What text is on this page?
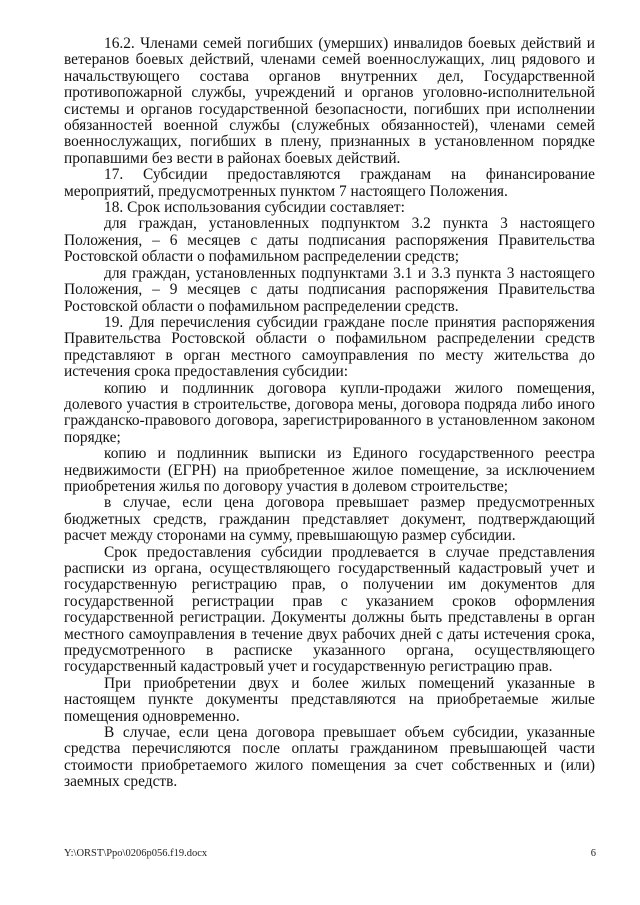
16.2. Членами семей погибших (умерших) инвалидов боевых действий и ветеранов боевых действий, членами семей военнослужащих, лиц рядового и начальствующего состава органов внутренних дел, Государственной противопожарной службы, учреждений и органов уголовно-исполнительной системы и органов государственной безопасности, погибших при исполнении обязанностей военной службы (служебных обязанностей), членами семей военнослужащих, погибших в плену, признанных в установленном порядке пропавшими без вести в районах боевых действий.

17. Субсидии предоставляются гражданам на финансирование мероприятий, предусмотренных пунктом 7 настоящего Положения.

18. Срок использования субсидии составляет:

для граждан, установленных подпунктом 3.2 пункта 3 настоящего Положения, – 6 месяцев с даты подписания распоряжения Правительства Ростовской области о пофамильном распределении средств;

для граждан, установленных подпунктами 3.1 и 3.3 пункта 3 настоящего Положения, – 9 месяцев с даты подписания распоряжения Правительства Ростовской области о пофамильном распределении средств.

19. Для перечисления субсидии граждане после принятия распоряжения Правительства Ростовской области о пофамильном распределении средств представляют в орган местного самоуправления по месту жительства до истечения срока предоставления субсидии:

копию и подлинник договора купли-продажи жилого помещения, долевого участия в строительстве, договора мены, договора подряда либо иного гражданско-правового договора, зарегистрированного в установленном законом порядке;

копию и подлинник выписки из Единого государственного реестра недвижимости (ЕГРН) на приобретенное жилое помещение, за исключением приобретения жилья по договору участия в долевом строительстве;

в случае, если цена договора превышает размер предусмотренных бюджетных средств, гражданин представляет документ, подтверждающий расчет между сторонами на сумму, превышающую размер субсидии.

Срок предоставления субсидии продлевается в случае представления расписки из органа, осуществляющего государственный кадастровый учет и государственную регистрацию прав, о получении им документов для государственной регистрации прав с указанием сроков оформления государственной регистрации. Документы должны быть представлены в орган местного самоуправления в течение двух рабочих дней с даты истечения срока, предусмотренного в расписке указанного органа, осуществляющего государственный кадастровый учет и государственную регистрацию прав.

При приобретении двух и более жилых помещений указанные в настоящем пункте документы представляются на приобретаемые жилые помещения одновременно.

В случае, если цена договора превышает объем субсидии, указанные средства перечисляются после оплаты гражданином превышающей части стоимости приобретаемого жилого помещения за счет собственных и (или) заемных средств.

Y:\ORST\Ppo\0206p056.f19.docx	6
